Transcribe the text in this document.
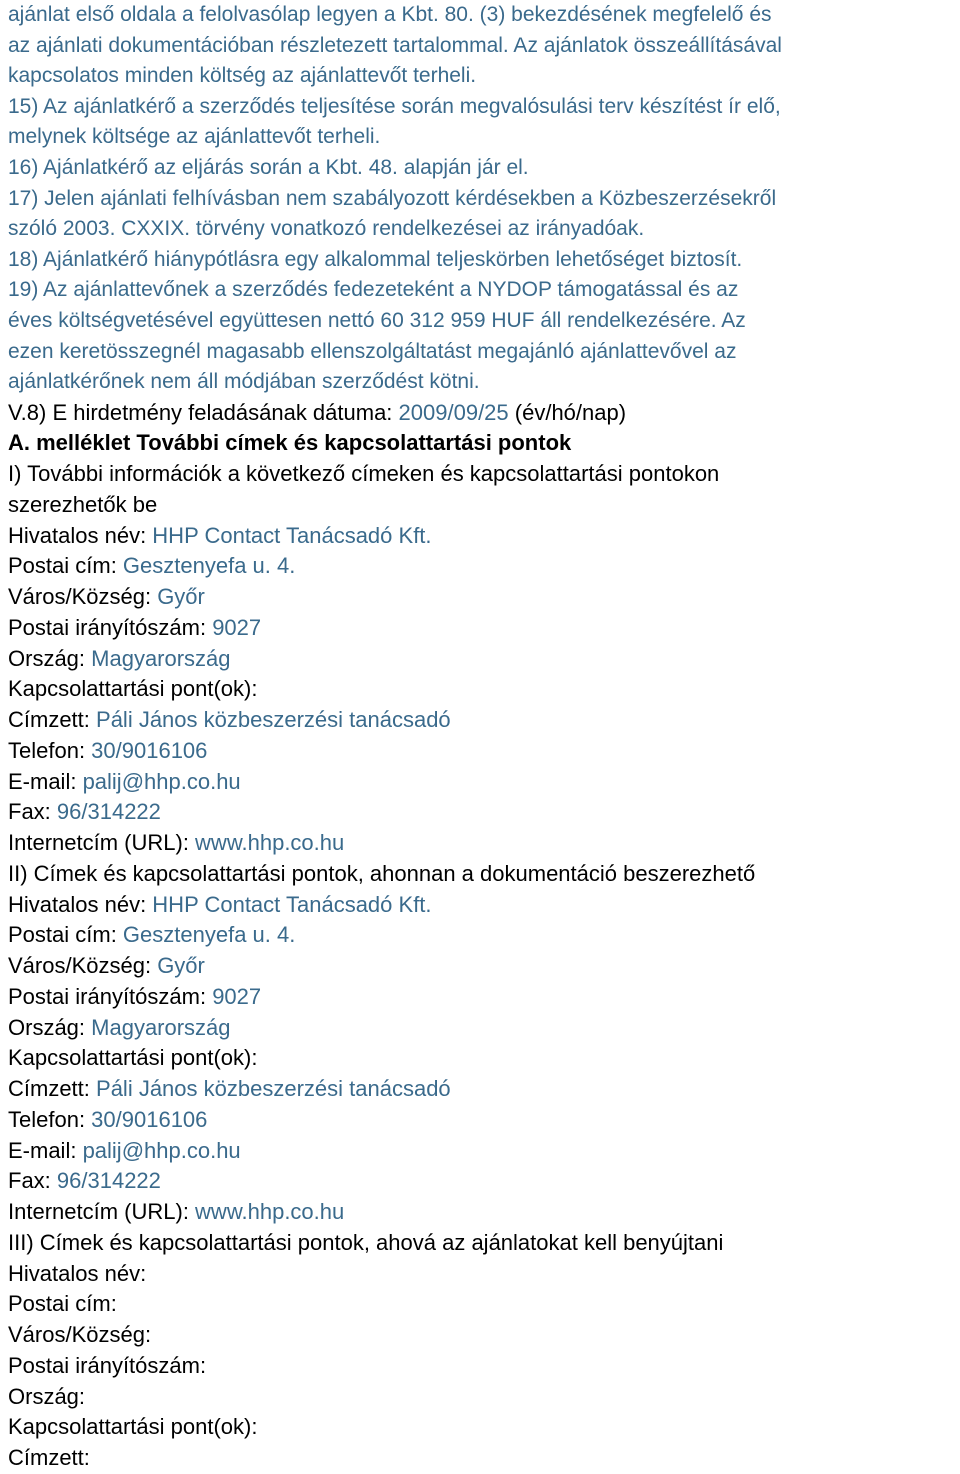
ajánlat első oldala a felolvasólap legyen a Kbt. 80. (3) bekezdésének megfelelő és
az ajánlati dokumentációban részletezett tartalommal. Az ajánlatok összeállításával
kapcsolatos minden költség az ajánlattevőt terheli.
15) Az ajánlatkérő a szerződés teljesítése során megvalósulási terv készítést ír elő,
melynek költsége az ajánlattevőt terheli.
16) Ajánlatkérő az eljárás során a Kbt. 48. alapján jár el.
17) Jelen ajánlati felhívásban nem szabályozott kérdésekben a Közbeszerzésekről
szóló 2003. CXXIX. törvény vonatkozó rendelkezései az irányadóak.
18) Ajánlatkérő hiánypótlásra egy alkalommal teljeskörben lehetőséget biztosít.
19) Az ajánlattevőnek a szerződés fedezeteként a NYDOP támogatással és az
éves költségvetésével együttesen nettó 60 312 959 HUF áll rendelkezésére. Az
ezen keretösszegnél magasabb ellenszolgáltatást megajánló ajánlattevővel az
ajánlatkérőnek nem áll módjában szerződést kötni.
V.8) E hirdetmény feladásának dátuma: 2009/09/25 (év/hó/nap)
A. melléklet További címek és kapcsolattartási pontok
I) További információk a következő címeken és kapcsolattartási pontokon
szerezhetők be
Hivatalos név: HHP Contact Tanácsadó Kft.
Postai cím: Gesztenyefa u. 4.
Város/Község: Győr
Postai irányítószám: 9027
Ország: Magyarország
Kapcsolattartási pont(ok):
Címzett: Páli János közbeszerzési tanácsadó
Telefon: 30/9016106
E-mail: palij@hhp.co.hu
Fax: 96/314222
Internetcím (URL): www.hhp.co.hu
II) Címek és kapcsolattartási pontok, ahonnan a dokumentáció beszerezhető
Hivatalos név: HHP Contact Tanácsadó Kft.
Postai cím: Gesztenyefa u. 4.
Város/Község: Győr
Postai irányítószám: 9027
Ország: Magyarország
Kapcsolattartási pont(ok):
Címzett: Páli János közbeszerzési tanácsadó
Telefon: 30/9016106
E-mail: palij@hhp.co.hu
Fax: 96/314222
Internetcím (URL): www.hhp.co.hu
III) Címek és kapcsolattartási pontok, ahová az ajánlatokat kell benyújtani
Hivatalos név:
Postai cím:
Város/Község:
Postai irányítószám:
Ország:
Kapcsolattartási pont(ok):
Címzett:
